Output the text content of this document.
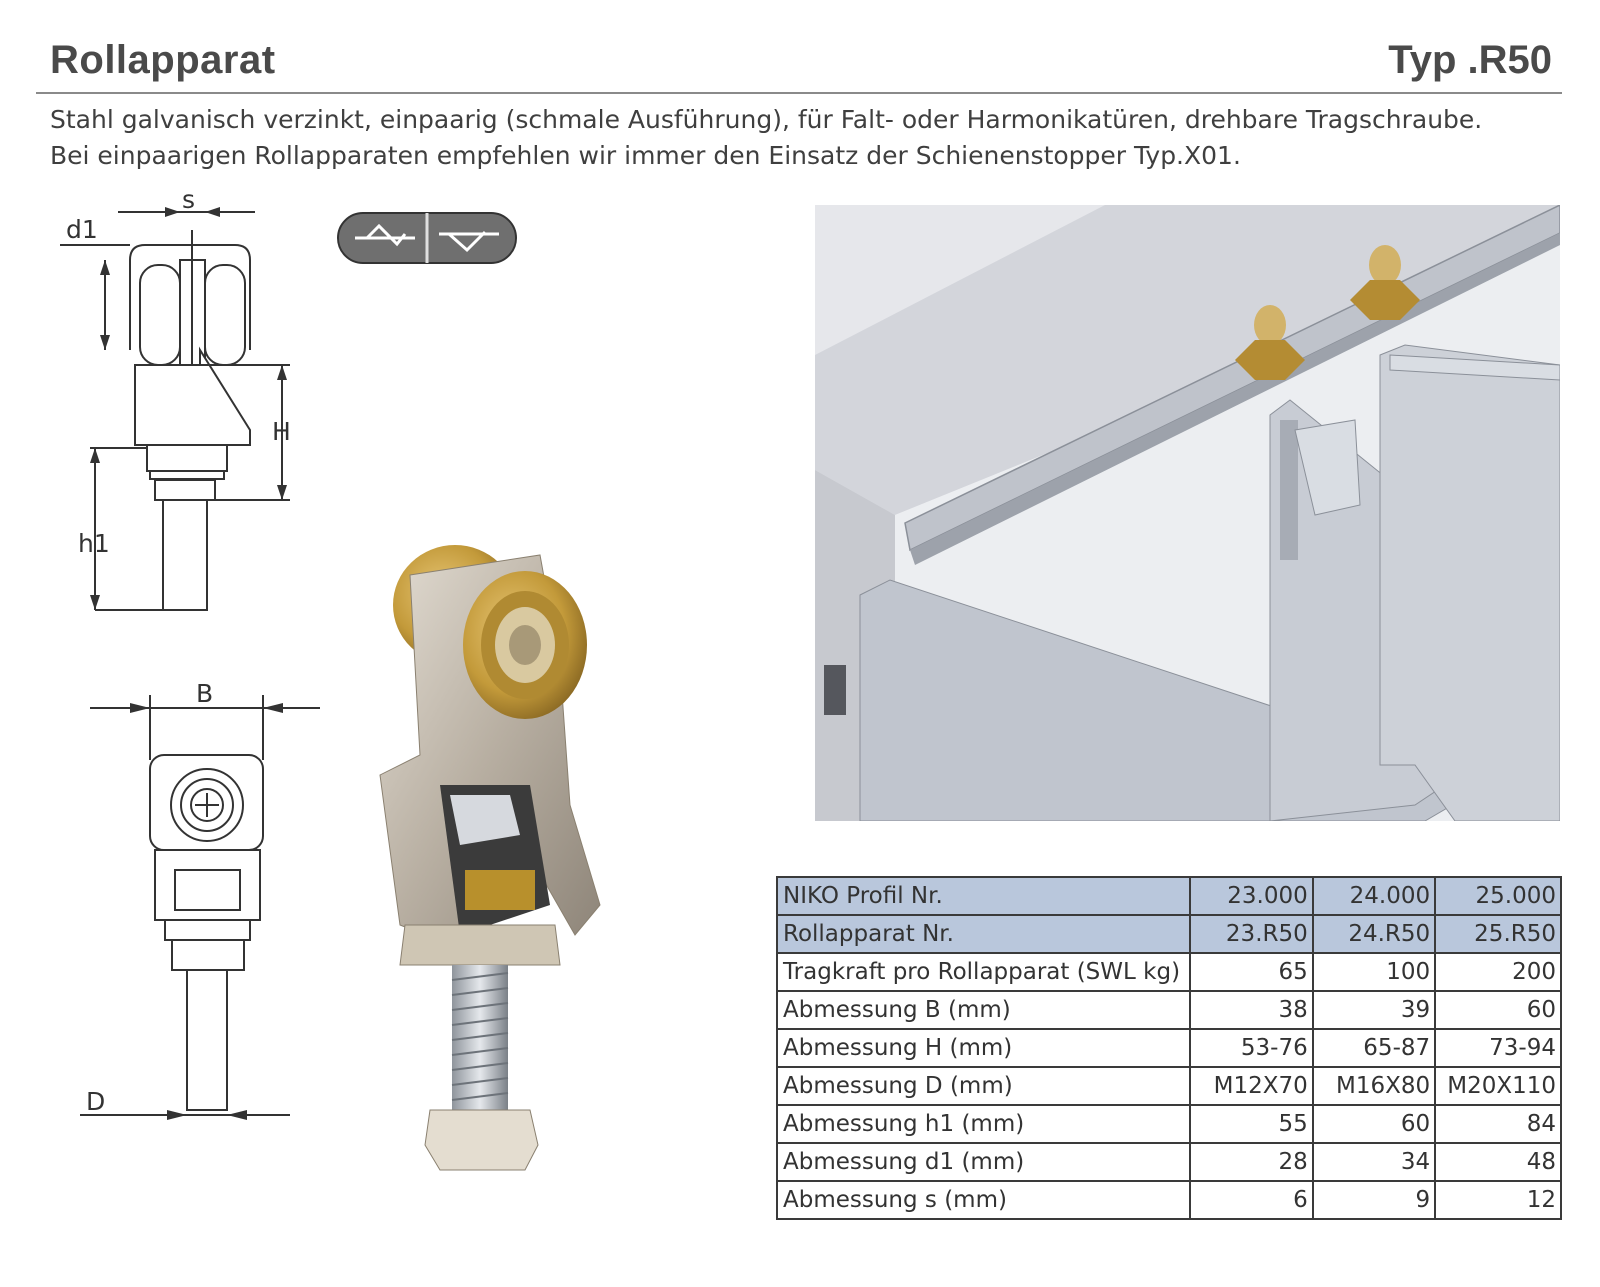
Rollapparat	Typ .R50
Stahl galvanisch verzinkt, einpaarig (schmale Ausführung), für Falt- oder Harmonikatüren, drehbare Tragschraube.
Bei einpaarigen Rollapparaten empfehlen wir immer den Einsatz der Schienenstopper Typ.X01.
s
d1
H
h1
B
D
NIKO Profil Nr.	23.000	24.000	25.000
Rollapparat Nr.	23.R50	24.R50	25.R50
Tragkraft pro Rollapparat (SWL kg)	65	100	200
Abmessung B (mm)	38	39	60
Abmessung H (mm)	53-76	65-87	73-94
Abmessung D (mm)	M12X70	M16X80	M20X110
Abmessung h1 (mm)	55	60	84
Abmessung d1 (mm)	28	34	48
Abmessung s (mm)	6	9	12
